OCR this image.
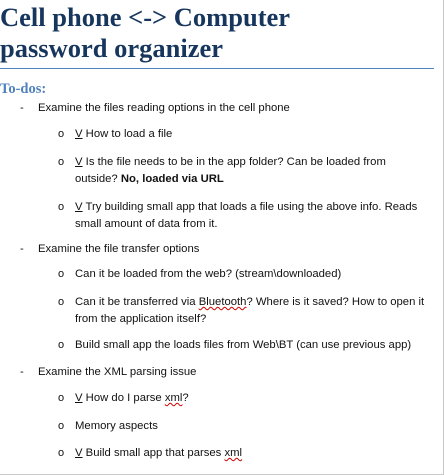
Cell phone <-> Computer
password organizer
To-dos:
- Examine the files reading options in the cell phone
o V How to load a file
o V Is the file needs to be in the app folder? Can be loaded from outside? No, loaded via URL
o V Try building small app that loads a file using the above info. Reads small amount of data from it.
- Examine the file transfer options
o Can it be loaded from the web? (stream\downloaded)
o Can it be transferred via Bluetooth? Where is it saved? How to open it from the application itself?
o Build small app the loads files from Web\BT (can use previous app)
- Examine the XML parsing issue
o V How do I parse xml?
o Memory aspects
o V Build small app that parses xml
